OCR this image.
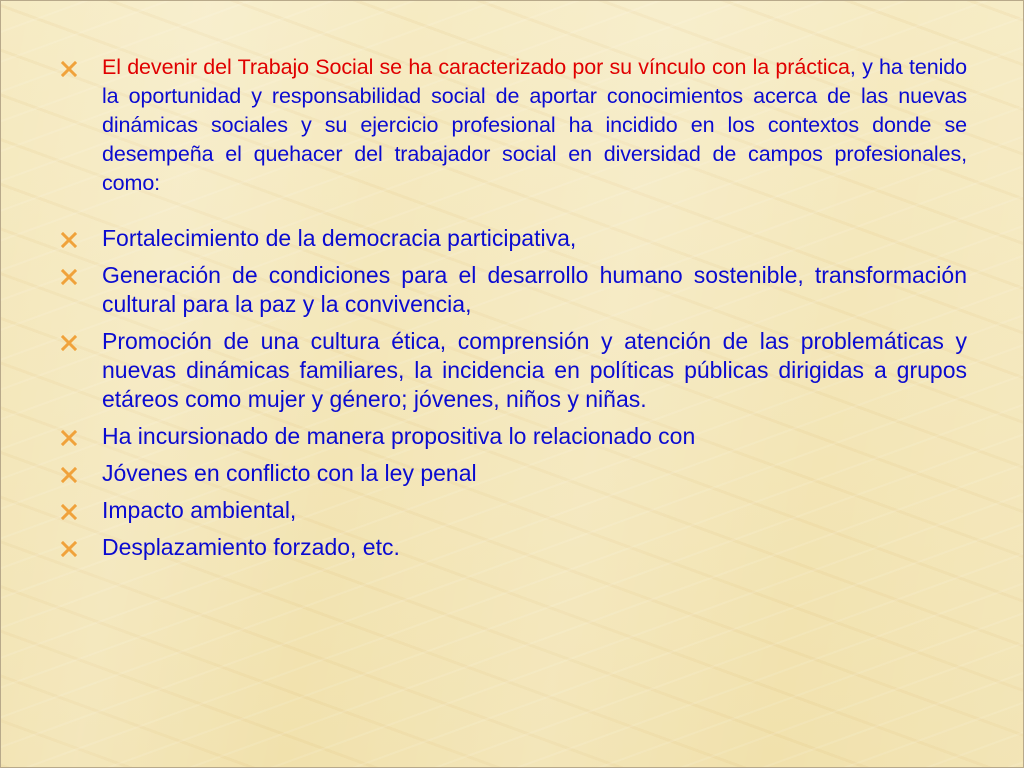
El devenir del Trabajo Social se ha caracterizado por su vínculo con la práctica, y ha tenido la oportunidad y responsabilidad social de aportar conocimientos acerca de las nuevas dinámicas sociales y su ejercicio profesional ha incidido en los contextos donde se desempeña el quehacer del trabajador social en diversidad de campos profesionales, como:
Fortalecimiento de la democracia participativa,
Generación de condiciones para el desarrollo humano sostenible, transformación cultural para la paz y la convivencia,
Promoción de una cultura ética, comprensión y atención de las problemáticas y nuevas dinámicas familiares, la incidencia en políticas públicas dirigidas a grupos etáreos como mujer y género; jóvenes, niños y niñas.
Ha incursionado de manera propositiva lo relacionado con
Jóvenes en conflicto con la ley penal
Impacto ambiental,
Desplazamiento forzado, etc.
